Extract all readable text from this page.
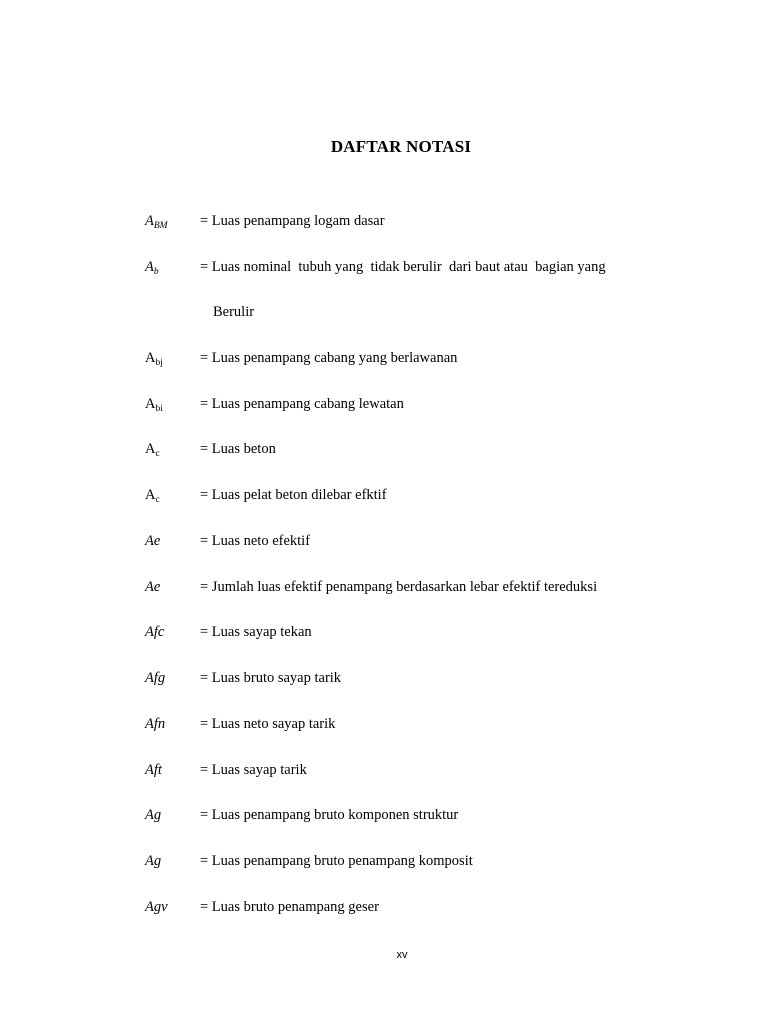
DAFTAR NOTASI
$A_{BM}$ = Luas penampang logam dasar
$A_b$	= Luas nominal  tubuh yang  tidak berulir  dari baut atau  bagian yang
Berulir
$A_{bj}$	= Luas penampang cabang yang berlawanan
$A_{bi}$	= Luas penampang cabang lewatan
$A_c$	= Luas beton
$A_c$	= Luas pelat beton dilebar efktif
Ae	= Luas neto efektif
Ae	= Jumlah luas efektif penampang berdasarkan lebar efektif tereduksi
Afc = Luas sayap tekan
Afg = Luas bruto sayap tarik
Afn = Luas neto sayap tarik
Aft	= Luas sayap tarik
Ag	= Luas penampang bruto komponen struktur
Ag	= Luas penampang bruto penampang komposit
Agv = Luas bruto penampang geser
xv
